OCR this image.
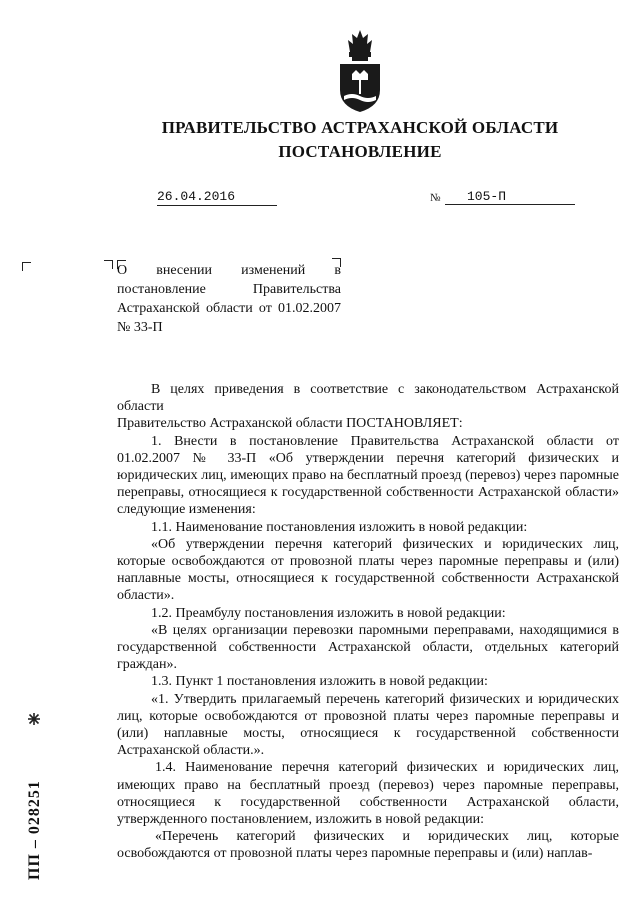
ПРАВИТЕЛЬСТВО АСТРАХАНСКОЙ ОБЛАСТИ
ПОСТАНОВЛЕНИЕ
26.04.2016	№	105-П
О внесении изменений в постановление Правительства Астраханской области от 01.02.2007 № 33-П

В целях приведения в соответствие с законодательством Астраханской области

Правительство Астраханской области ПОСТАНОВЛЯЕТ:

1. Внести в постановление Правительства Астраханской области от 01.02.2007 № 33-П «Об утверждении перечня категорий физических и юридических лиц, имеющих право на бесплатный проезд (перевоз) через паромные переправы, относящиеся к государственной собственности Астраханской области» следующие изменения:

1.1. Наименование постановления изложить в новой редакции:

«Об утверждении перечня категорий физических и юридических лиц, которые освобождаются от провозной платы через паромные переправы и (или) наплавные мосты, относящиеся к государственной собственности Астраханской области».

1.2. Преамбулу постановления изложить в новой редакции:

«В целях организации перевозки паромными переправами, находящимися в государственной собственности Астраханской области, отдельных категорий граждан».

1.3. Пункт 1 постановления изложить в новой редакции:

«1. Утвердить прилагаемый перечень категорий физических и юридических лиц, которые освобождаются от провозной платы через паромные переправы и (или) наплавные мосты, относящиеся к государственной собственности Астраханской области.».

1.4. Наименование перечня категорий физических и юридических лиц, имеющих право на бесплатный проезд (перевоз) через паромные переправы, относящиеся к государственной собственности Астраханской области, утвержденного постановлением, изложить в новой редакции:

«Перечень категорий физических и юридических лиц, которые освобождаются от провозной платы через паромные переправы и (или) наплав-

ПП – 028251
